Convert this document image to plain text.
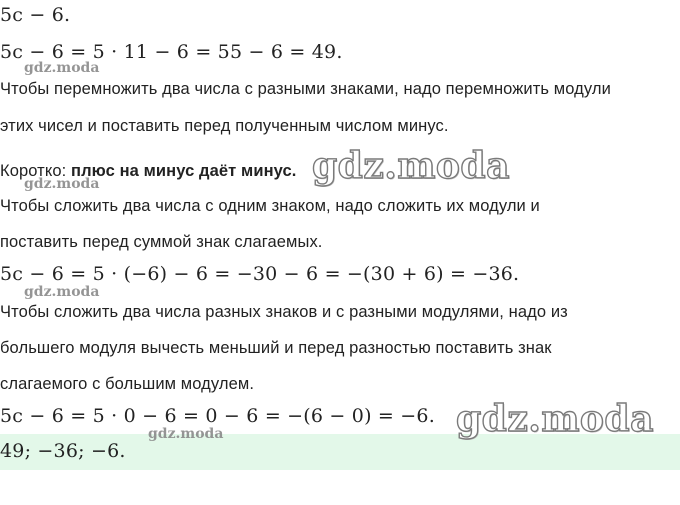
5c − 6.
5c − 6 = 5 · 11 − 6 = 55 − 6 = 49.
Чтобы перемножить два числа с разными знаками, надо перемножить модули
этих чисел и поставить перед полученным числом минус.
Коротко: плюс на минус даёт минус.
Чтобы сложить два числа с одним знаком, надо сложить их модули и
поставить перед суммой знак слагаемых.
5c − 6 = 5 · (−6) − 6 = −30 − 6 = −(30 + 6) = −36.
Чтобы сложить два числа разных знаков и с разными модулями, надо из
большего модуля вычесть меньший и перед разностью поставить знак
слагаемого с большим модулем.
5c − 6 = 5 · 0 − 6 = 0 − 6 = −(6 − 0) = −6.
49; −36; −6.
gdz.moda
gdz.moda
gdz.moda
gdz.moda
gdz.moda
gdz.moda
